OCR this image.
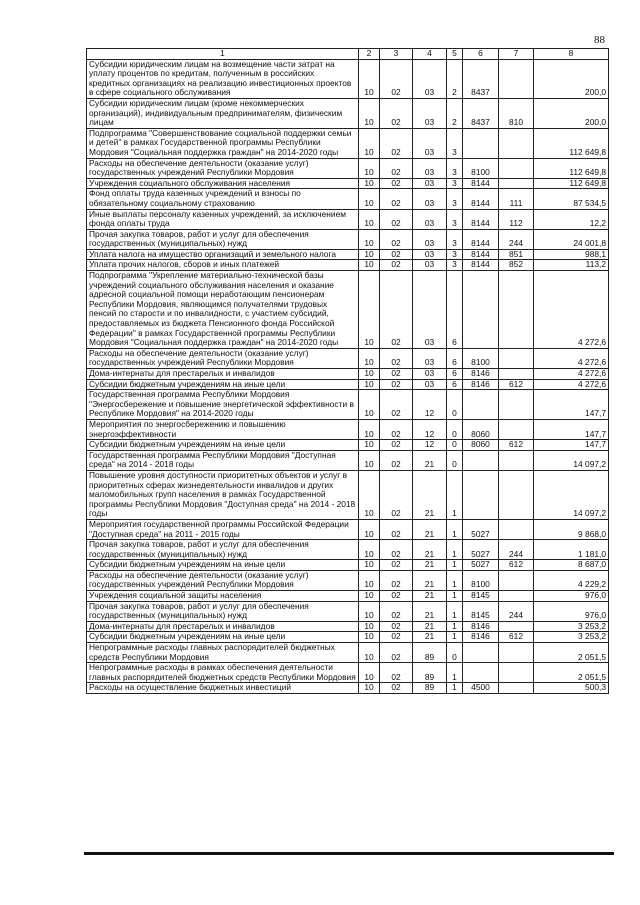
88
1	2	3	4	5	6	7	8
Субсидии юридическим лицам на возмещение части затрат на уплату процентов по кредитам, полученным в российских кредитных организациях на реализацию инвестиционных проектов в сфере социального обслуживания	10	02	03	2	8437		200,0
Субсидии юридическим лицам (кроме некоммерческих организаций), индивидуальным предпринимателям, физическим лицам	10	02	03	2	8437	810	200,0
Подпрограмма "Совершенствование социальной поддержки семьи и детей" в рамках Государственной программы Республики Мордовия "Социальная поддержка граждан" на 2014-2020 годы	10	02	03	3			112 649,8
Расходы на обеспечение деятельности (оказание услуг) государственных учреждений Республики Мордовия	10	02	03	3	8100		112 649,8
Учреждения социального обслуживания населения	10	02	03	3	8144		112 649,8
Фонд оплаты труда казенных учреждений и взносы по обязательному социальному страхованию	10	02	03	3	8144	111	87 534,5
Иные выплаты персоналу казенных учреждений, за исключением фонда оплаты труда	10	02	03	3	8144	112	12,2
Прочая закупка товаров, работ и услуг для обеспечения государственных (муниципальных) нужд	10	02	03	3	8144	244	24 001,8
Уплата налога на имущество организаций и земельного налога	10	02	03	3	8144	851	988,1
Уплата прочих налогов, сборов и иных платежей	10	02	03	3	8144	852	113,2
Подпрограмма "Укрепление материально-технической базы учреждений социального обслуживания населения и оказание адресной социальной помощи неработающим пенсионерам Республики Мордовия, являющимся получателями трудовых пенсий по старости и по инвалидности, с участием субсидий, предоставляемых из бюджета Пенсионного фонда Российской Федерации" в рамках Государственной программы Республики Мордовия "Социальная поддержка граждан" на 2014-2020 годы	10	02	03	6			4 272,6
Расходы на обеспечение деятельности (оказание услуг) государственных учреждений Республики Мордовия	10	02	03	6	8100		4 272,6
Дома-интернаты для престарелых и инвалидов	10	02	03	6	8146		4 272,6
Субсидии бюджетным учреждениям на иные цели	10	02	03	6	8146	612	4 272,6
Государственная программа Республики Мордовия "Энергосбережение и повышение энергетической эффективности в Республике Мордовия" на 2014-2020 годы	10	02	12	0			147,7
Мероприятия по энергосбережению и повышению энергоэффективности	10	02	12	0	8060		147,7
Субсидии бюджетным учреждениям на иные цели	10	02	12	0	8060	612	147,7
Государственная программа Республики Мордовия "Доступная среда" на 2014 - 2018 годы	10	02	21	0			14 097,2
Повышение уровня доступности приоритетных объектов и услуг в приоритетных сферах жизнедеятельности инвалидов и других маломобильных групп населения в рамках Государственной программы Республики Мордовия "Доступная среда" на 2014 - 2018 годы	10	02	21	1			14 097,2
Мероприятия государственной программы Российской Федерации "Доступная среда" на 2011 - 2015 годы	10	02	21	1	5027		9 868,0
Прочая закупка товаров, работ и услуг для обеспечения государственных (муниципальных) нужд	10	02	21	1	5027	244	1 181,0
Субсидии бюджетным учреждениям на иные цели	10	02	21	1	5027	612	8 687,0
Расходы на обеспечение деятельности (оказание услуг) государственных учреждений Республики Мордовия	10	02	21	1	8100		4 229,2
Учреждения социальной защиты населения	10	02	21	1	8145		976,0
Прочая закупка товаров, работ и услуг для обеспечения государственных (муниципальных) нужд	10	02	21	1	8145	244	976,0
Дома-интернаты для престарелых и инвалидов	10	02	21	1	8146		3 253,2
Субсидии бюджетным учреждениям на иные цели	10	02	21	1	8146	612	3 253,2
Непрограммные расходы главных распорядителей бюджетных средств Республики Мордовия	10	02	89	0			2 051,5
Непрограммные расходы в рамках обеспечения деятельности главных распорядителей бюджетных средств Республики Мордовия	10	02	89	1			2 051,5
Расходы на осуществление бюджетных инвестиций	10	02	89	1	4500		500,3
